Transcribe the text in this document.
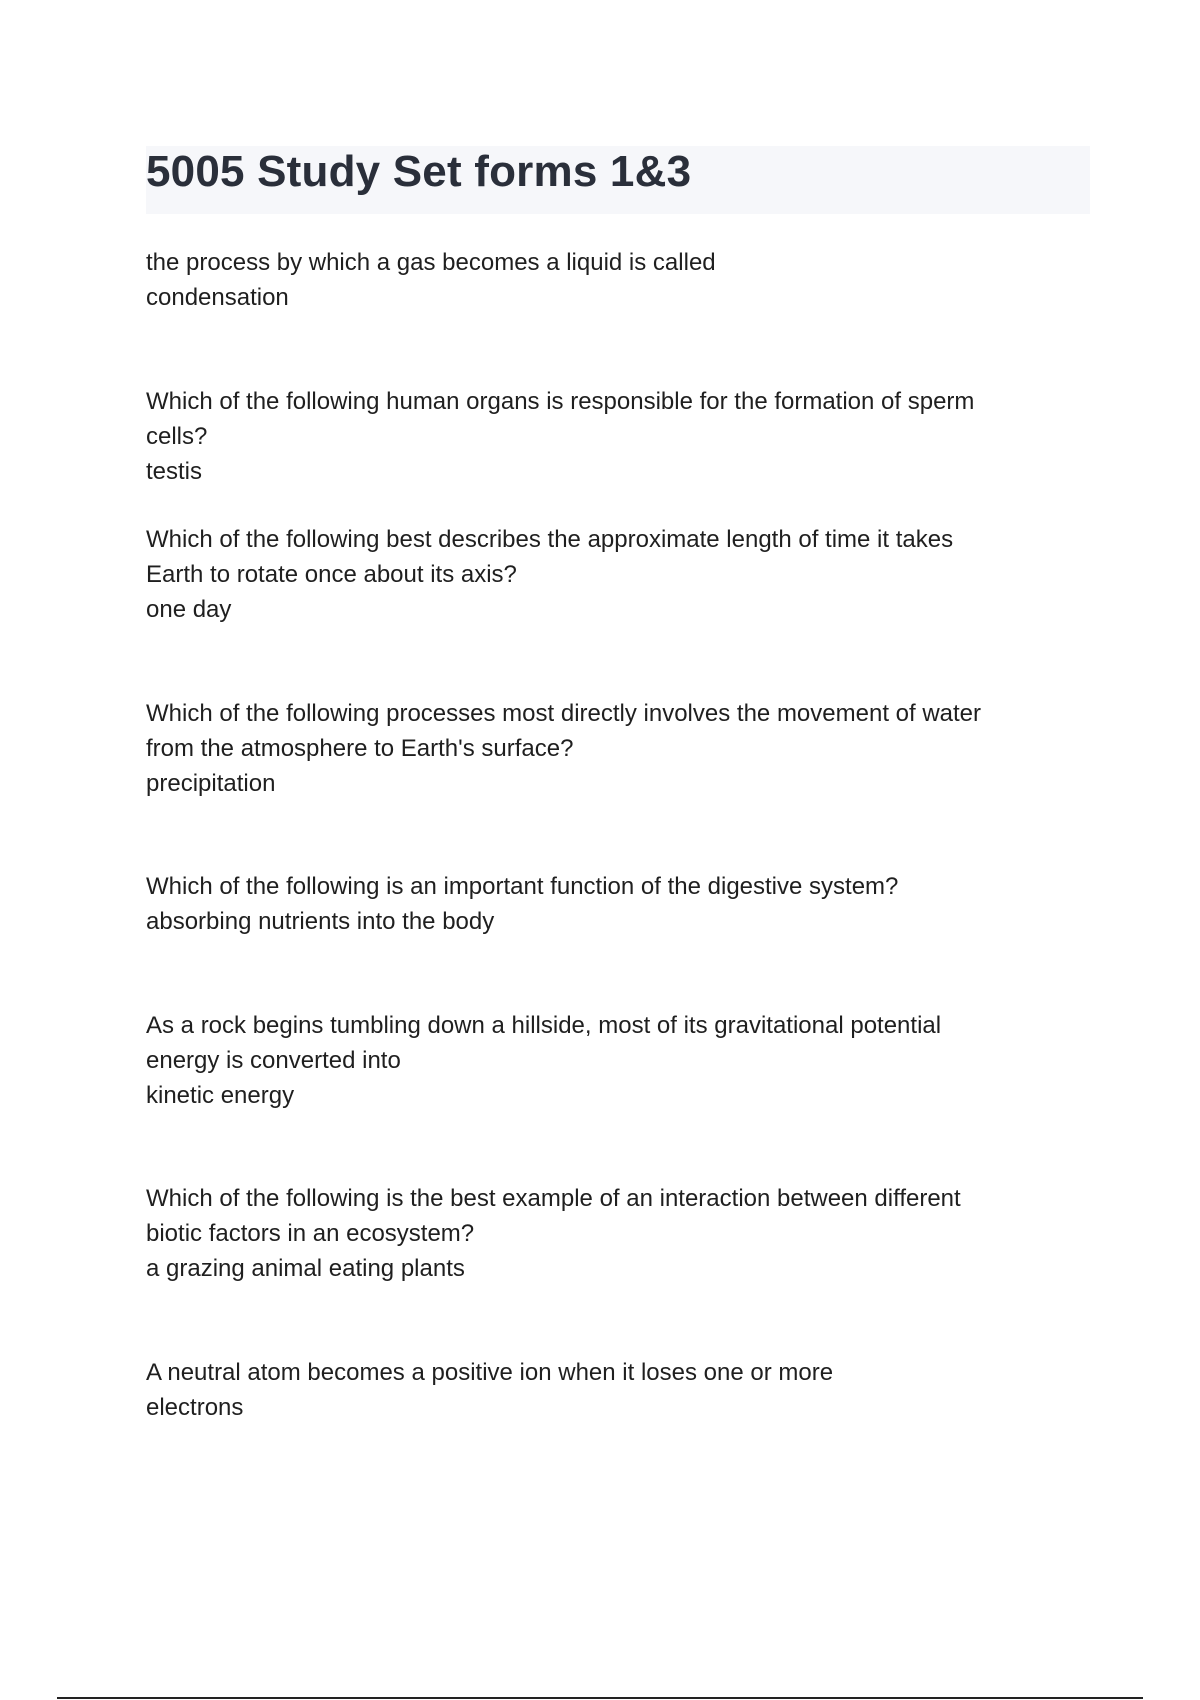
5005 Study Set forms 1&3

the process by which a gas becomes a liquid is called

condensation

Which of the following human organs is responsible for the formation of sperm
cells?

testis

Which of the following best describes the approximate length of time it takes
Earth to rotate once about its axis?

one day

Which of the following processes most directly involves the movement of water
from the atmosphere to Earth's surface?

precipitation

Which of the following is an important function of the digestive system?

absorbing nutrients into the body

As a rock begins tumbling down a hillside, most of its gravitational potential
energy is converted into

kinetic energy

Which of the following is the best example of an interaction between different
biotic factors in an ecosystem?

a grazing animal eating plants

A neutral atom becomes a positive ion when it loses one or more

electrons
